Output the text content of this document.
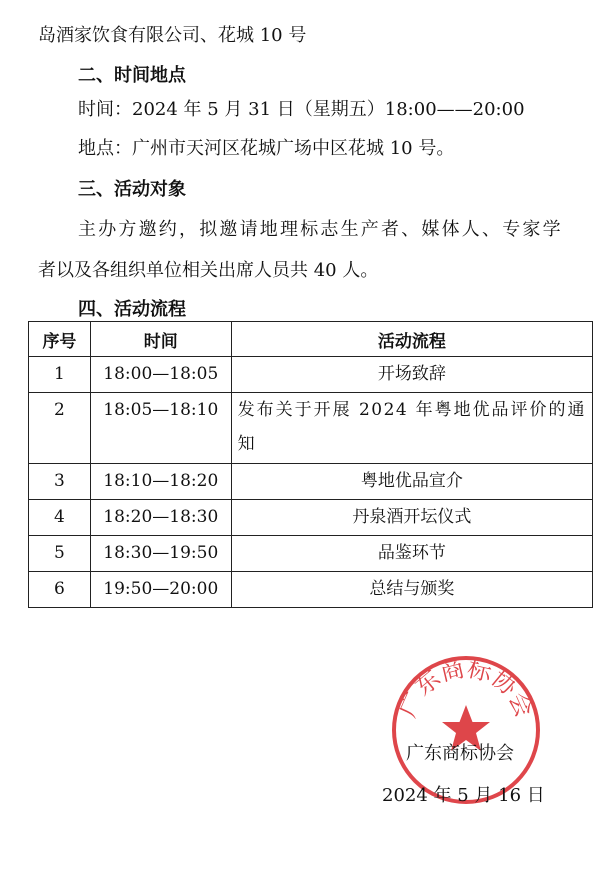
岛酒家饮食有限公司、花城 10 号
二、时间地点
时间：2024 年 5 月 31 日（星期五）18:00——20:00
地点：广州市天河区花城广场中区花城 10 号。
三、活动对象
主办方邀约，拟邀请地理标志生产者、媒体人、专家学
者以及各组织单位相关出席人员共 40 人。
四、活动流程
序号	时间	活动流程
1	18:00—18:05	开场致辞
2	18:05—18:10	发布关于开展 2024 年粤地优品评价的通知
3	18:10—18:20	粤地优品宣介
4	18:20—18:30	丹泉酒开坛仪式
5	18:30—19:50	品鉴环节
6	19:50—20:00	总结与颁奖
广东商标协会
广东商标协会
2024 年 5 月 16 日
